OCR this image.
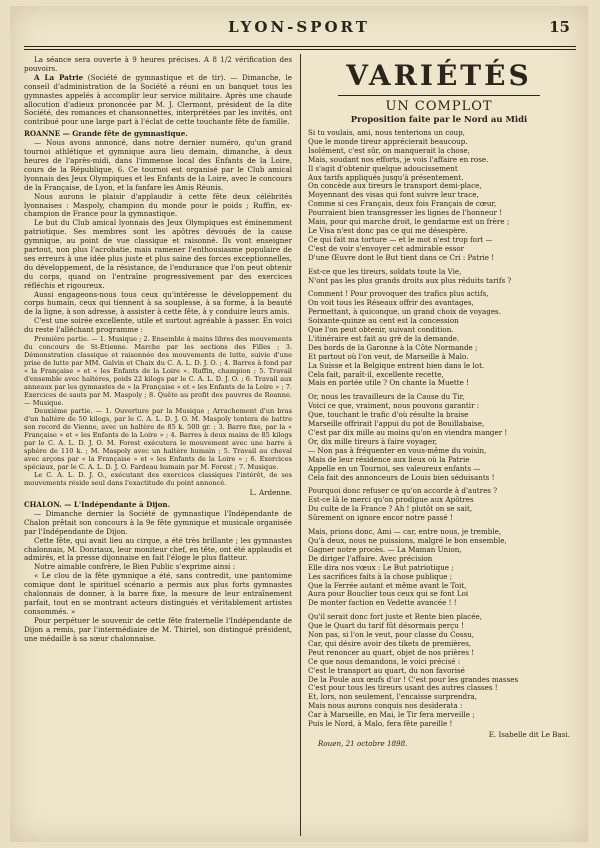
LYON-SPORT	15

La séance sera ouverte à 9 heures précises. A 8 1/2 vérification des pouvoirs.

A La Patrie (Société de gymnastique et de tir). — Dimanche, le conseil d'administration de la Société a réuni en un banquet tous les gymnastes appelés à accomplir leur service militaire. Après une chaude allocution d'adieux prononcée par M. J. Clermont, président de la dite Société, des romances et chansonnettes, interprétées par les invités, ont contribué pour une large part à l'éclat de cette touchante fête de famille.

ROANNE — Grande fête de gymnastique.

— Nous avons annoncé, dans notre dernier numéro, qu'un grand tournoi athlétique et gymnique aura lieu demain, dimanche, à deux heures de l'après-midi, dans l'immense local des Enfants de la Loire, cours de la République, 6. Ce tournoi est organisé par le Club amical lyonnais des Jeux Olympiques et les Enfants de la Loire, avec le concours de la Française, de Lyon, et la fanfare les Amis Réunis.

Nous aurons le plaisir d'applaudir à cette fête deux célébrités lyonnaises : Maspoly, champion du monde pour le poids ; Ruffin, ex-champion de France pour la gymnastique.

Le but du Club amical lyonnais des Jeux Olympiques est éminemment patriotique. Ses membres sont les apôtres dévoués de la cause gymnique, au point de vue classique et raisonné. Ils vont enseigner partout, non plus l'acrobatie, mais ramener l'enthousiasme populaire de ses erreurs à une idée plus juste et plus saine des forces exceptionnelles, du développement, de la résistance, de l'endurance que l'on peut obtenir du corps, quand on l'entraîne progressivement par des exercices réfléchis et rigoureux.

Aussi engageons-nous tous ceux qu'intéresse le développement du corps humain, ceux qui tiennent à sa souplesse, à sa forme, à la beauté de la ligne, à son adresse, à assister à cette fête, à y conduire leurs amis.

C'est une soirée excellente, utile et surtout agréable à passer. En voici du reste l'alléchant programme :

Première partie. — 1. Musique ; 2. Ensemble à mains libres des mouvements du concours de St-Étienne. Marche par les sections des Filles ; 3. Démonstration classique et raisonnée des mouvements de lutte, suivie d'une prise de lutte par MM. Galvin et Chaix du C. A. L. D. J. O. ; 4. Barres à fond par « la Française » et « les Enfants de la Loire ». Ruffin, champion ; 5. Travail d'ensemble avec haltères, poids 22 kilogs par le C. A. L. D. J. O. ; 6. Travail aux anneaux par les gymnastes de « la Française » et « les Enfants de la Loire » ; 7. Exercices de sauts par M. Maspoly ; 8. Quête au profit des pauvres de Roanne. — Musique.

Deuxième partie. — 1. Ouverture par la Musique ; Arrachement d'un bras d'un haltère de 50 kilogs, par le C. A. L. D. J. O. M. Maspoly tentera de battre son record de Vienne, avec un haltère de 85 k. 500 gr. ; 3. Barre fixe, par la « Française » et « les Enfants de la Loire » ; 4. Barres à deux mains de 85 kilogs par le C. A. L. D. J. O. M. Forest exécutera le mouvement avec une barre à sphère de 110 k. ; M. Maspoly avec un haltère humain ; 5. Travail au cheval avec arçons par « la Française » et « les Enfants de la Loire » ; 6. Exercices spéciaux, par le C. A. L. D. J. O. Fardeau humain par M. Forest ; 7. Musique.

Le C. A. L. D. J. O., exécutant des exercices classiques l'intérêt, de ses mouvements réside seul dans l'exactitude du point annoncé.

L. Ardenne.

CHALON. — L'Indépendante à Dijon.

— Dimanche dernier la Société de gymnastique l'Indépendante de Chalon prêtait son concours à la 9e fête gymnique et musicale organisée par l'Indépendante de Dijon.

Cette fête, qui avait lieu au cirque, a été très brillante ; les gymnastes chalonnais, M. Donriaux, leur moniteur chef, en tête, ont été applaudis et admirés, et la presse dijonnaise en fait l'éloge le plus flatteur.

Notre aimable confrère, le Bien Public s'exprime ainsi :

« Le clou de la fête gymnique a été, sans contredit, une pantomime comique dont le spirituel scénario a permis aux plus forts gymnastes chalonnais de donner, à la barre fixe, la mesure de leur entraînement parfait, tout en se montrant acteurs distingués et véritablement artistes consommés. »

Pour perpétuer le souvenir de cette fête fraternelle l'Indépendante de Dijon a remis, par l'intermédiaire de M. Thiriel, son distingué président, une médaille à sa sœur chalonnaise.

VARIÉTÉS
UN COMPLOT
Proposition faite par le Nord au Midi

Si tu voulais, ami, nous tenterions un coup,

Que le monde tireur apprécierait beaucoup.

Isolément, c'est sûr, on manquerait la chose,

Mais, soudant nos efforts, je vois l'affaire en rose.

Il s'agit d'obtenir quelque adoucissement

Aux tarifs appliqués jusqu'à présentement.

On concède aux tireurs le transport demi-place,

Moyennant des visas qui font suivre leur trace,

Comme si ces Français, deux fois Français de cœur,

Pourraient bien transgresser les lignes de l'honneur !

Mais, pour qui marche droit, le gendarme est un frère ;

Le Visa n'est donc pas ce qui me désespère.

Ce qui fait ma torture — et le mot n'est trop fort —

C'est de voir s'envoyer cet admirable essor

D'une Œuvre dont le But tient dans ce Cri : Patrie !

Est-ce que les tireurs, soldats toute la Vie,

N'ont pas les plus grands droits aux plus réduits tarifs ?

Comment ! Pour provoquer des trafics plus actifs,

On voit tous les Réseaux offrir des avantages,

Permettant, à quiconque, un grand choix de voyages.

Soixante-quinze au cent est la concession

Que l'on peut obtenir, suivant condition.

L'itinéraire est fait au gré de la demande.

Des bords de la Garonne à la Côte Normande ;

Et partout où l'on veut, de Marseille à Malo.

La Suisse et la Belgique entrent bien dans le lot.

Cela fait, paraît-il, excellente recette,

Mais en portée utile ? On chante la Muette !

Or, nous les travailleurs de la Cause du Tir,

Voici ce que, vraiment, nous pouvons garantir :

Que, touchant le trafic d'où résulte la braise

Marseille offrirait l'appui du pot de Bouillabaise,

C'est par dix mille au moins qu'on en viendra manger !

Or, dix mille tireurs à faire voyager,

— Non pas à fréquenter en vous-même du voisin,

Mais de leur résidence aux lieux où la Patrie

Appelle en un Tournoi, ses valeureux enfants —

Cela fait des annonceurs de Louis bien séduisants !

Pourquoi donc refuser ce qu'on accorde à d'autres ?

Est-ce là le merci qu'on prodigue aux Apôtres

Du culte de la France ? Ah ! plutôt on se sait,

Sûrement on ignore encor notre passé !

Mais, prions donc, Ami — car, entre nous, je tremble,

Qu'à deux, nous ne puissions, malgré le bon ensemble,

Gagner notre procès. — La Maman Union,

De diriger l'affaire. Avec précision

Elle dira nos vœux : Le But patriotique ;

Les sacrifices faits à la chose publique ;

Que la Ferrée autant et même avant le Toit,

Aura pour Bouclier tous ceux qui se font Loi

De monter faction en Vedette avancée ! !

Qu'il serait donc fort juste et Rente bien placée,

Que le Quart du tarif fût désormais perçu !

Non pas, si l'on le veut, pour classe du Cossu,

Car, qui désire avoir des tikets de premières,

Peut renoncer au quart, objet de nos prières !

Ce que nous demandons, le voici précisé :

C'est le transport au quart, du non favorisé

De la Poule aux œufs d'or ! C'est pour les grandes masses

C'est pour tous les tireurs usant des autres classes !

Et, lors, non seulement, l'encaisse surprendra,

Mais nous aurons conquis nos desiderata :

Car à Marseille, en Mai, le Tir fera merveille ;

Puis le Nord, à Malo, fera fête pareille !

E. Isabelle dit Le Basi.

Rouen, 21 octobre 1898.
